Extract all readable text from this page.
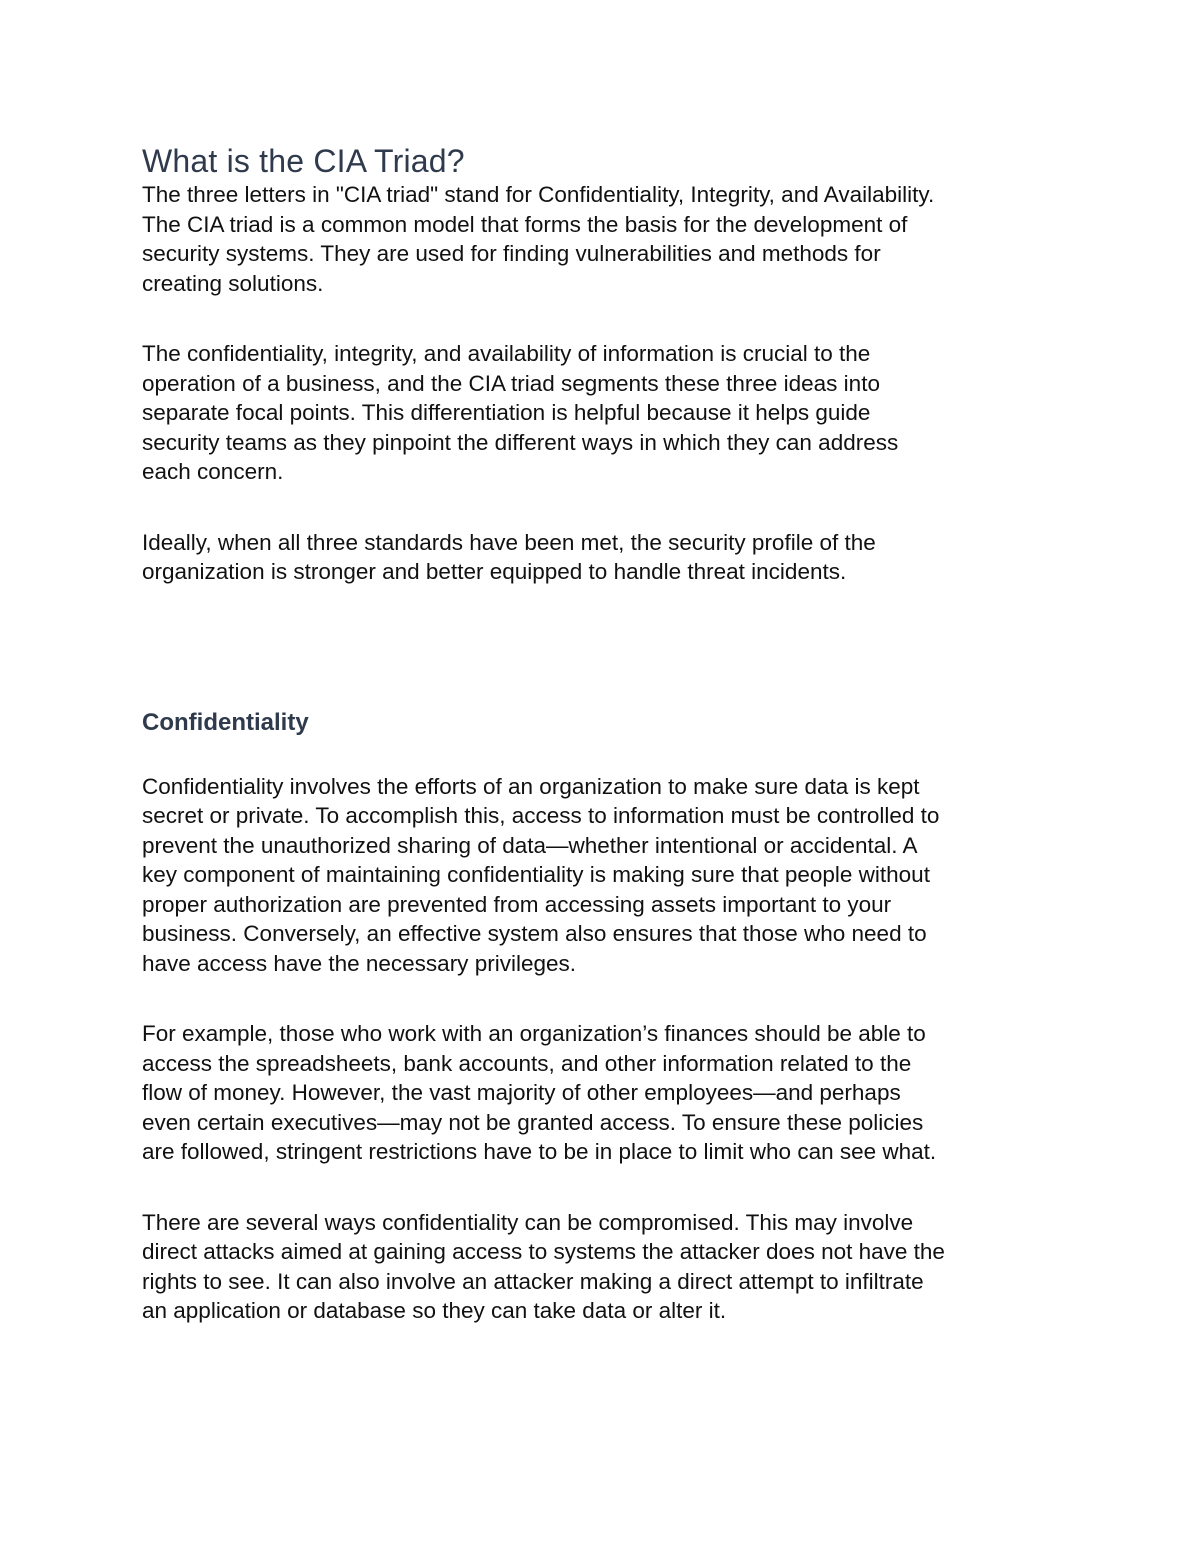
What is the CIA Triad?

The three letters in "CIA triad" stand for Confidentiality, Integrity, and Availability.
The CIA triad is a common model that forms the basis for the development of
security systems. They are used for finding vulnerabilities and methods for
creating solutions.

The confidentiality, integrity, and availability of information is crucial to the
operation of a business, and the CIA triad segments these three ideas into
separate focal points. This differentiation is helpful because it helps guide
security teams as they pinpoint the different ways in which they can address
each concern.

Ideally, when all three standards have been met, the security profile of the
organization is stronger and better equipped to handle threat incidents.

Confidentiality

Confidentiality involves the efforts of an organization to make sure data is kept
secret or private. To accomplish this, access to information must be controlled to
prevent the unauthorized sharing of data—whether intentional or accidental. A
key component of maintaining confidentiality is making sure that people without
proper authorization are prevented from accessing assets important to your
business. Conversely, an effective system also ensures that those who need to
have access have the necessary privileges.

For example, those who work with an organization’s finances should be able to
access the spreadsheets, bank accounts, and other information related to the
flow of money. However, the vast majority of other employees—and perhaps
even certain executives—may not be granted access. To ensure these policies
are followed, stringent restrictions have to be in place to limit who can see what.

There are several ways confidentiality can be compromised. This may involve
direct attacks aimed at gaining access to systems the attacker does not have the
rights to see. It can also involve an attacker making a direct attempt to infiltrate
an application or database so they can take data or alter it.
